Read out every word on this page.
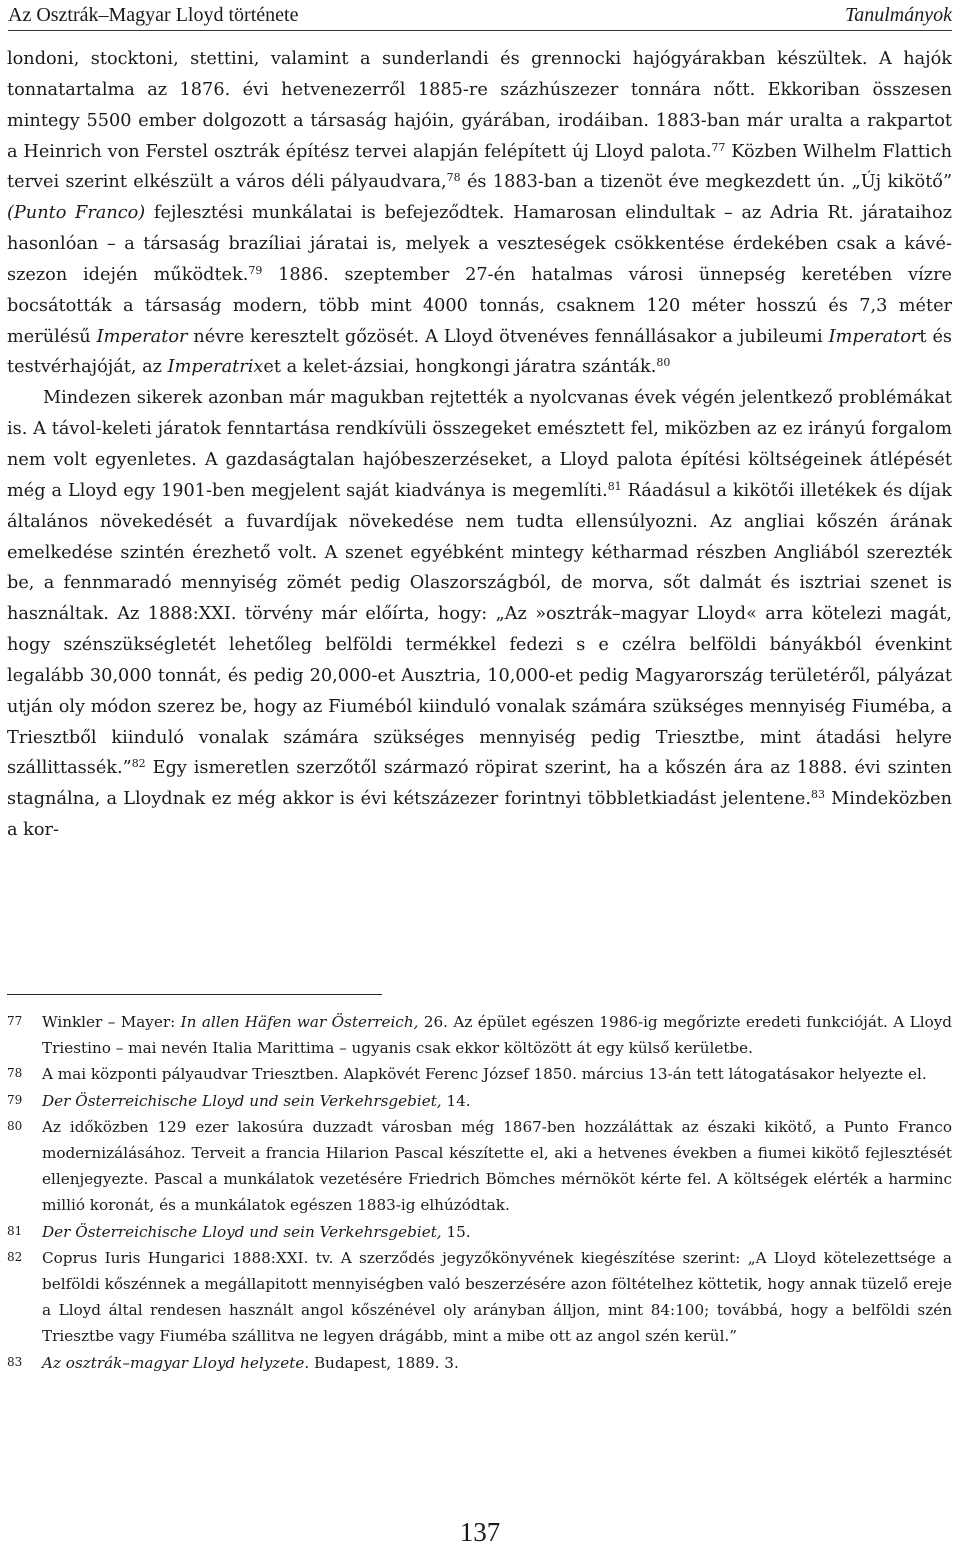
Az Osztrák–Magyar Lloyd története	Tanulmányok

londoni, stocktoni, stettini, valamint a sunderlandi és grennocki hajógyárakban készültek. A hajók tonnatartalma az 1876. évi hetvenezerről 1885-re százhúszezer tonnára nőtt. Ekkoriban összesen mintegy 5500 ember dolgozott a társaság hajóin, gyárában, irodáiban. 1883-ban már uralta a rakpartot a Heinrich von Ferstel osztrák építész tervei alapján felépített új Lloyd palota.$^{77}$ Közben Wilhelm Flattich tervei szerint elkészült a város déli pályaudvara,$^{78}$ és 1883-ban a tizenöt éve megkezdett ún. „Új kikötő” (Punto Franco) fejlesztési munkálatai is befejeződtek. Hamarosan elindultak – az Adria Rt. járataihoz hasonlóan – a társaság brazíliai járatai is, melyek a veszteségek csökkentése érdekében csak a kávészezon idején működtek.$^{79}$ 1886. szeptember 27-én hatalmas városi ünnepség keretében vízre bocsátották a társaság modern, több mint 4000 tonnás, csaknem 120 méter hosszú és 7,3 méter merülésű Imperator névre keresztelt gőzösét. A Lloyd ötvenéves fennállásakor a jubileumi Imperatort és testvérhajóját, az Imperatrixet a kelet-ázsiai, hongkongi járatra szánták.$^{80}$

Mindezen sikerek azonban már magukban rejtették a nyolcvanas évek végén jelentkező problémákat is. A távol-keleti járatok fenntartása rendkívüli összegeket emésztett fel, miközben az ez irányú forgalom nem volt egyenletes. A gazdaságtalan hajóbeszerzéseket, a Lloyd palota építési költségeinek átlépését még a Lloyd egy 1901-ben megjelent saját kiadványa is megemlíti.$^{81}$ Ráadásul a kikötői illetékek és díjak általános növekedését a fuvardíjak növekedése nem tudta ellensúlyozni. Az angliai kőszén árának emelkedése szintén érezhető volt. A szenet egyébként mintegy kétharmad részben Angliából szerezték be, a fennmaradó mennyiség zömét pedig Olaszországból, de morva, sőt dalmát és isztriai szenet is használtak. Az 1888:XXI. törvény már előírta, hogy: „Az »osztrák–magyar Lloyd« arra kötelezi magát, hogy szénszükségletét lehetőleg belföldi termékkel fedezi s e czélra belföldi bányákból évenkint legalább 30,000 tonnát, és pedig 20,000-et Ausztria, 10,000-et pedig Magyarország területéről, pályázat utján oly módon szerez be, hogy az Fiuméból kiinduló vonalak számára szükséges mennyiség Fiuméba, a Triesztből kiinduló vonalak számára szükséges mennyiség pedig Triesztbe, mint átadási helyre szállittassék.”$^{82}$ Egy ismeretlen szerzőtől származó röpirat szerint, ha a kőszén ára az 1888. évi szinten stagnálna, a Lloydnak ez még akkor is évi kétszázezer forintnyi többletkiadást jelentene.$^{83}$ Mindeközben a kor-

77	Winkler – Mayer: In allen Häfen war Österreich, 26. Az épület egészen 1986-ig megőrizte eredeti funkcióját. A Lloyd Triestino – mai nevén Italia Marittima – ugyanis csak ekkor költözött át egy külső kerületbe.
78	A mai központi pályaudvar Triesztben. Alapkövét Ferenc József 1850. március 13-án tett látogatásakor helyezte el.
79	Der Österreichische Lloyd und sein Verkehrsgebiet, 14.
80	Az időközben 129 ezer lakosúra duzzadt városban még 1867-ben hozzáláttak az északi kikötő, a Punto Franco modernizálásához. Terveit a francia Hilarion Pascal készítette el, aki a hetvenes években a fiumei kikötő fejlesztését ellenjegyezte. Pascal a munkálatok vezetésére Friedrich Bömches mérnököt kérte fel. A költségek elérték a harminc millió koronát, és a munkálatok egészen 1883-ig elhúzódtak.
81	Der Österreichische Lloyd und sein Verkehrsgebiet, 15.
82	Coprus Iuris Hungarici 1888:XXI. tv. A szerződés jegyzőkönyvének kiegészítése szerint: „A Lloyd kötelezettsége a belföldi kőszénnek a megállapitott mennyiségben való beszerzésére azon föltételhez köttetik, hogy annak tüzelő ereje a Lloyd által rendesen használt angol kőszénével oly arányban álljon, mint 84:100; továbbá, hogy a belföldi szén Triesztbe vagy Fiuméba szállitva ne legyen drágább, mint a mibe ott az angol szén kerül.”
83	Az osztrák–magyar Lloyd helyzete. Budapest, 1889. 3.
137
